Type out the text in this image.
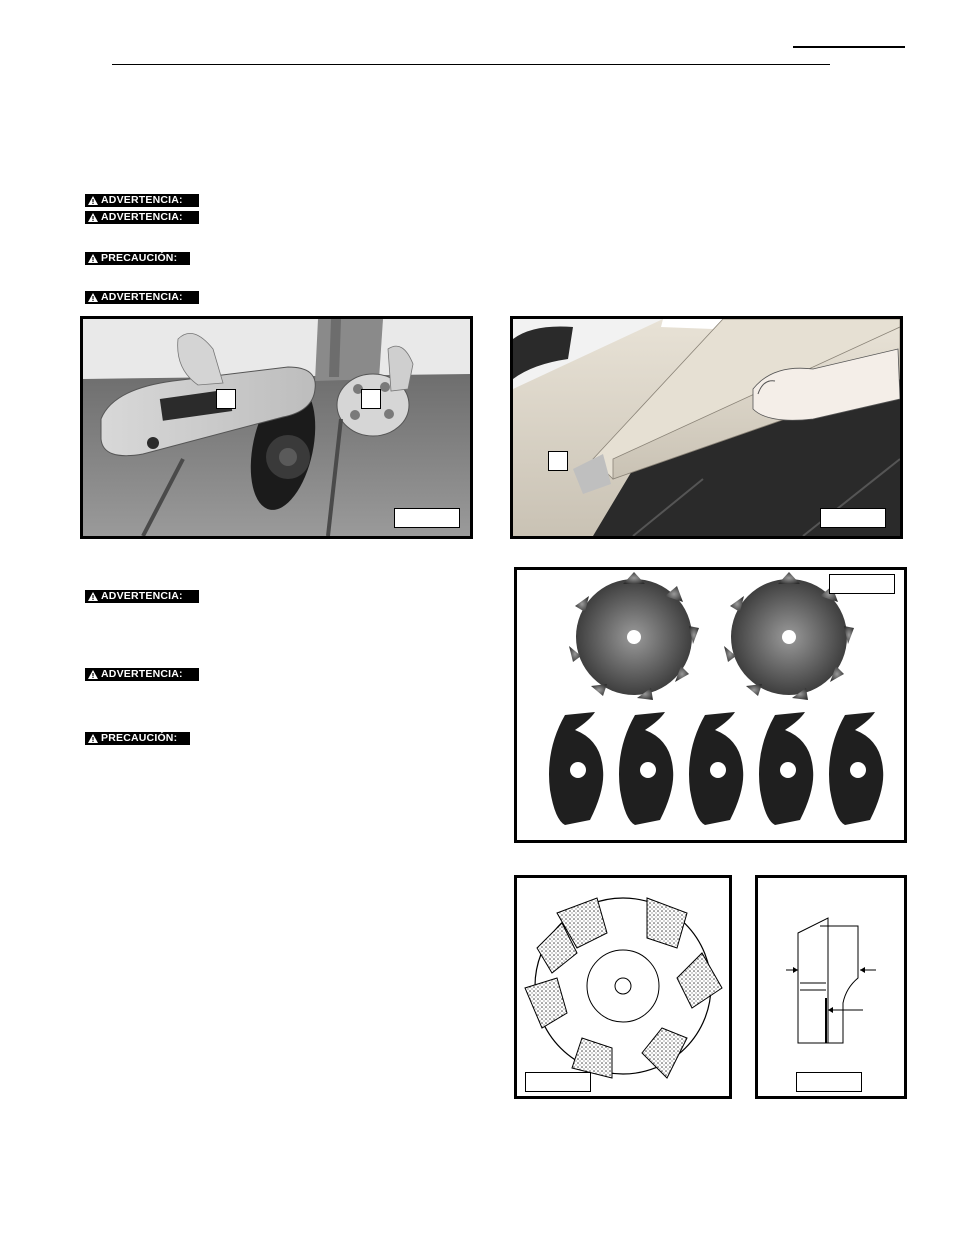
ADVERTENCIA:
ADVERTENCIA:
PRECAUCIÓN:
ADVERTENCIA:
ADVERTENCIA:
ADVERTENCIA:
PRECAUCIÓN:
